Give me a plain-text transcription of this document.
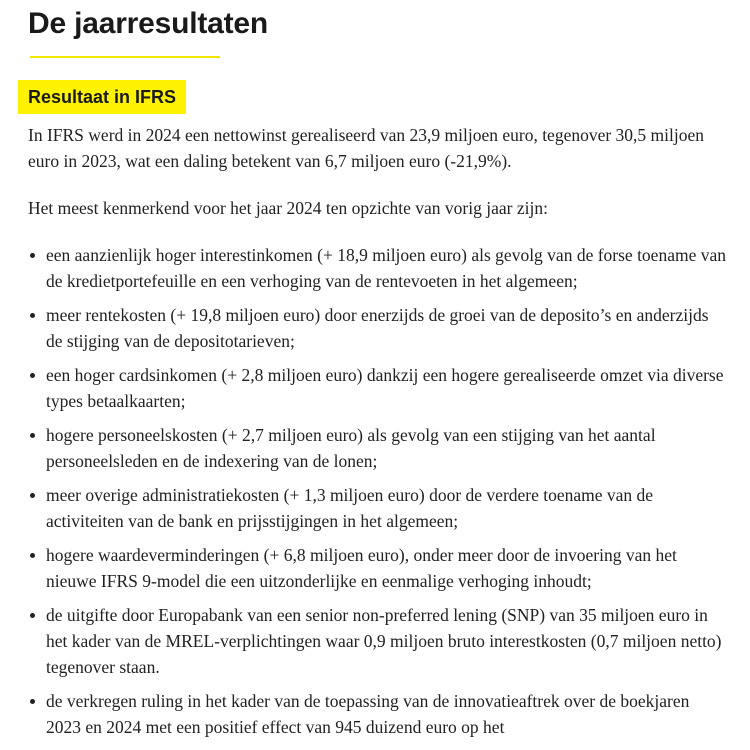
De jaarresultaten
Resultaat in IFRS

In IFRS werd in 2024 een nettowinst gerealiseerd van 23,9 miljoen euro, tegenover 30,5 miljoen euro in 2023, wat een daling betekent van 6,7 miljoen euro (-21,9%).

Het meest kenmerkend voor het jaar 2024 ten opzichte van vorig jaar zijn:

een aanzienlijk hoger interestinkomen (+ 18,9 miljoen euro) als gevolg van de forse toename van de kredietportefeuille en een verhoging van de rentevoeten in het algemeen;
meer rentekosten (+ 19,8 miljoen euro) door enerzijds de groei van de deposito’s en anderzijds de stijging van de depositotarieven;
een hoger cardsinkomen (+ 2,8 miljoen euro) dankzij een hogere gerealiseerde omzet via diverse types betaalkaarten;
hogere personeelskosten (+ 2,7 miljoen euro) als gevolg van een stijging van het aantal personeelsleden en de indexering van de lonen;
meer overige administratiekosten (+ 1,3 miljoen euro) door de verdere toename van de activiteiten van de bank en prijsstijgingen in het algemeen;
hogere waardeverminderingen (+ 6,8 miljoen euro), onder meer door de invoering van het nieuwe IFRS 9-model die een uitzonderlijke en eenmalige verhoging inhoudt;
de uitgifte door Europabank van een senior non-preferred lening (SNP) van 35 miljoen euro in het kader van de MREL-verplichtingen waar 0,9 miljoen bruto interestkosten (0,7 miljoen netto) tegenover staan.
de verkregen ruling in het kader van de toepassing van de innovatieaftrek over de boekjaren 2023 en 2024 met een positief effect van 945 duizend euro op het
